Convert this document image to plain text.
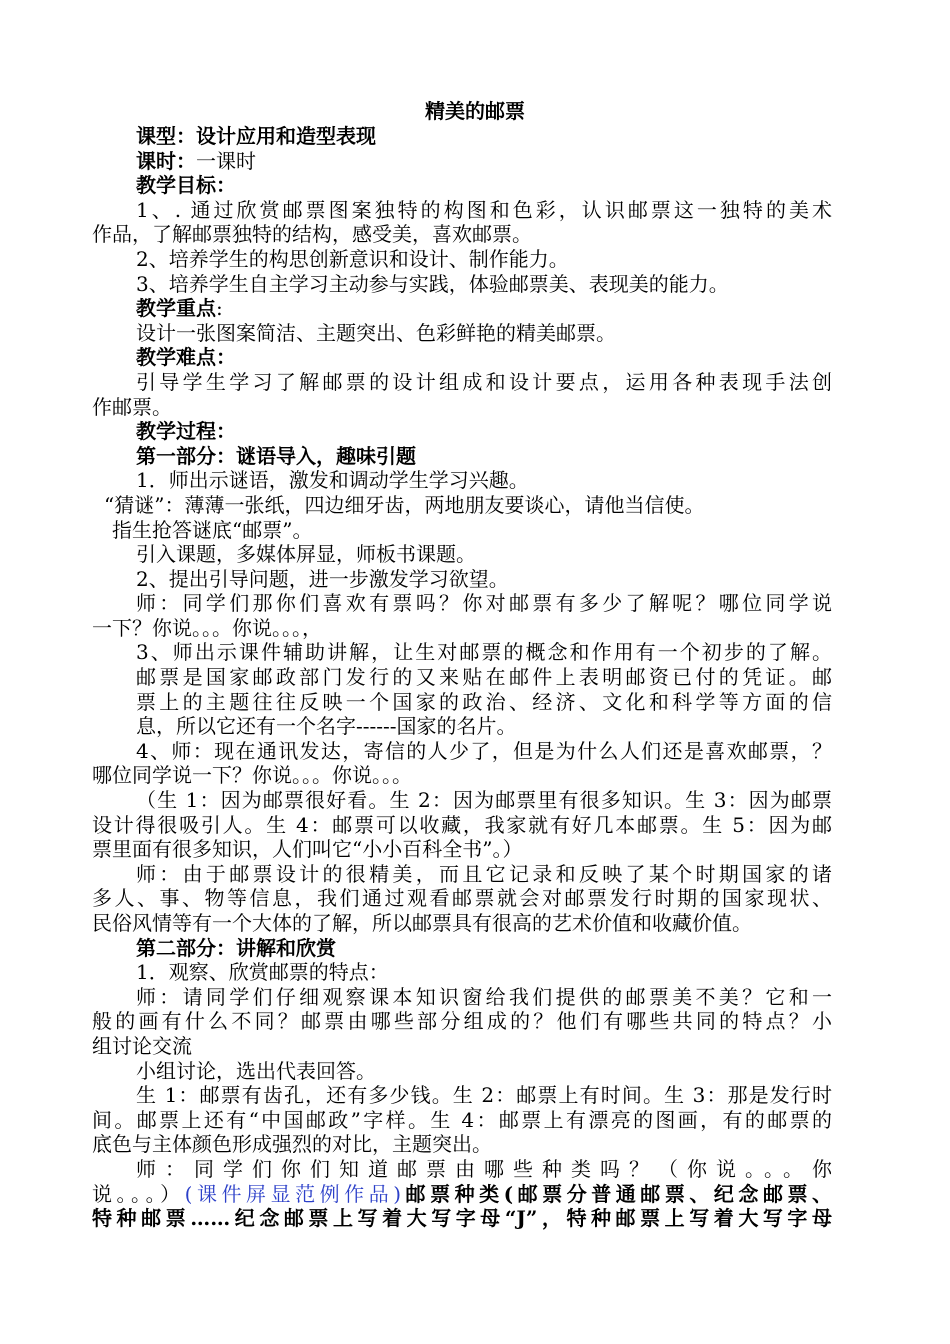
精美的邮票

课型：设计应用和造型表现

课时：一课时

教学目标：

1、. 通过欣赏邮票图案独特的构图和色彩，认识邮票这一独特的美术

作品，了解邮票独特的结构，感受美，喜欢邮票。

2、培养学生的构思创新意识和设计、制作能力。

3、培养学生自主学习主动参与实践，体验邮票美、表现美的能力。

教学重点:

设计一张图案简洁、主题突出、色彩鲜艳的精美邮票。

教学难点：

引导学生学习了解邮票的设计组成和设计要点，运用各种表现手法创

作邮票。

教学过程：

第一部分：谜语导入，趣味引题

1．师出示谜语，激发和调动学生学习兴趣。

“猜谜”：薄薄一张纸，四边细牙齿，两地朋友要谈心，请他当信使。

指生抢答谜底“邮票”。

引入课题，多媒体屏显，师板书课题。

2、提出引导问题，进一步激发学习欲望。

师：同学们那你们喜欢有票吗？你对邮票有多少了解呢？哪位同学说

一下？你说。。。你说。。。，

3、师出示课件辅助讲解，让生对邮票的概念和作用有一个初步的了解。

邮票是国家邮政部门发行的又来贴在邮件上表明邮资已付的凭证。邮

票上的主题往往反映一个国家的政治、经济、文化和科学等方面的信

息，所以它还有一个名字------国家的名片。

4、师：现在通讯发达，寄信的人少了，但是为什么人们还是喜欢邮票，？

哪位同学说一下？你说。。。你说。。。

（生 1：因为邮票很好看。生 2：因为邮票里有很多知识。生 3：因为邮票

设计得很吸引人。生 4：邮票可以收藏，我家就有好几本邮票。生 5：因为邮

票里面有很多知识，人们叫它“小小百科全书”。）

师：由于邮票设计的很精美，而且它记录和反映了某个时期国家的诸

多人、事、物等信息，我们通过观看邮票就会对邮票发行时期的国家现状、

民俗风情等有一个大体的了解，所以邮票具有很高的艺术价值和收藏价值。

第二部分：讲解和欣赏

1．观察、欣赏邮票的特点：

师：请同学们仔细观察课本知识窗给我们提供的邮票美不美？它和一

般的画有什么不同？邮票由哪些部分组成的？他们有哪些共同的特点？小

组讨论交流

小组讨论，选出代表回答。

生 1：邮票有齿孔，还有多少钱。生 2：邮票上有时间。生 3：那是发行时

间。邮票上还有“中国邮政”字样。生 4：邮票上有漂亮的图画，有的邮票的

底色与主体颜色形成强烈的对比，主题突出。

师：同学们你们知道邮票由哪些种类吗？（你说。。。你

说。。。）(课件屏显范例作品)邮票种类(邮票分普通邮票、纪念邮票、

特种邮票……纪念邮票上写着大写字母“J”，特种邮票上写着大写字母
